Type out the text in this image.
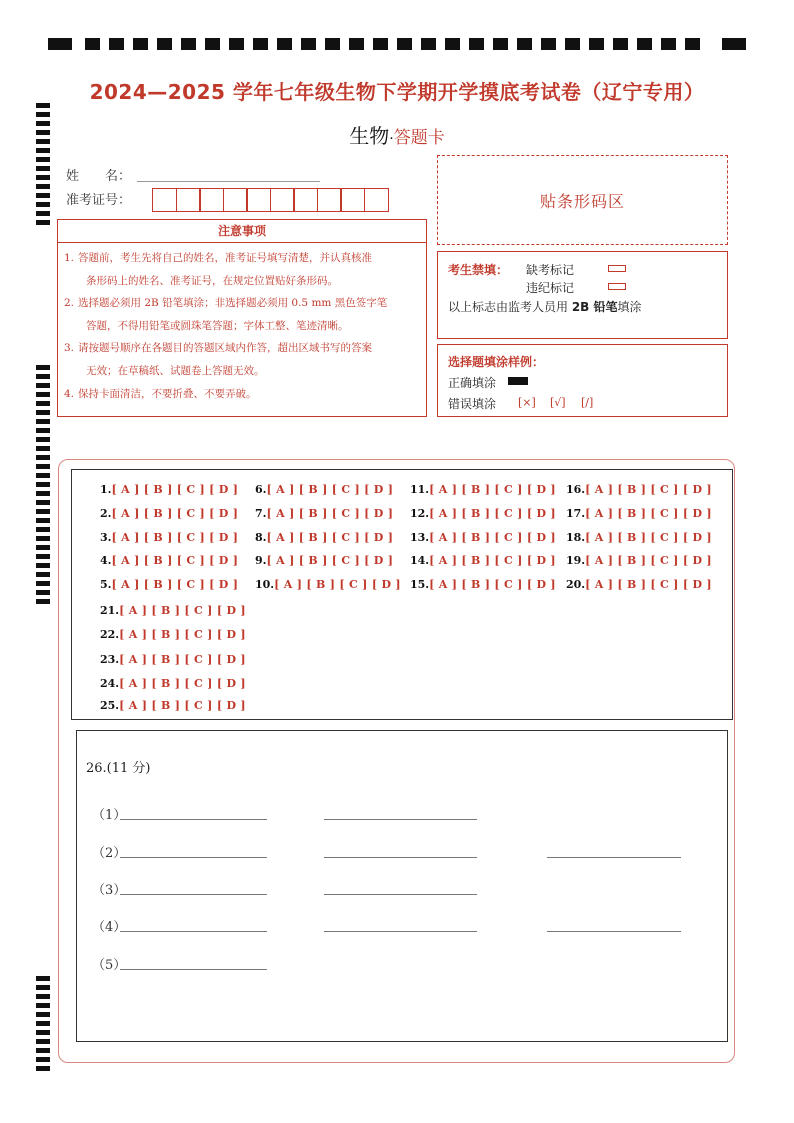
2024—2025 学年七年级生物下学期开学摸底考试卷（辽宁专用）
生物·答题卡
姓　　名：
准考证号：	贴条形码区
注意事项
1. 答题前，考生先将自己的姓名，准考证号填写清楚，并认真核准
条形码上的姓名、准考证号，在规定位置贴好条形码。
2. 选择题必须用 2B 铅笔填涂；非选择题必须用 0.5 mm 黑色签字笔
答题，不得用铅笔或圆珠笔答题；字体工整、笔迹清晰。
3. 请按题号顺序在各题目的答题区域内作答，超出区域书写的答案
无效；在草稿纸、试题卷上答题无效。
4. 保持卡面清洁，不要折叠、不要弄破。
考生禁填： 缺考标记
违纪标记
以上标志由监考人员用 2B 铅笔填涂
选择题填涂样例：
正确填涂
错误填涂 [×] [√] [/]
1.[ A ] [ B ] [ C ] [ D ]
2.[ A ] [ B ] [ C ] [ D ]
3.[ A ] [ B ] [ C ] [ D ]
4.[ A ] [ B ] [ C ] [ D ]
5.[ A ] [ B ] [ C ] [ D ]
6.[ A ] [ B ] [ C ] [ D ]
7.[ A ] [ B ] [ C ] [ D ]
8.[ A ] [ B ] [ C ] [ D ]
9.[ A ] [ B ] [ C ] [ D ]
10.[ A ] [ B ] [ C ] [ D ]
11.[ A ] [ B ] [ C ] [ D ]
12.[ A ] [ B ] [ C ] [ D ]
13.[ A ] [ B ] [ C ] [ D ]
14.[ A ] [ B ] [ C ] [ D ]
15.[ A ] [ B ] [ C ] [ D ]
16.[ A ] [ B ] [ C ] [ D ]
17.[ A ] [ B ] [ C ] [ D ]
18.[ A ] [ B ] [ C ] [ D ]
19.[ A ] [ B ] [ C ] [ D ]
20.[ A ] [ B ] [ C ] [ D ]
21.[ A ] [ B ] [ C ] [ D ]
22.[ A ] [ B ] [ C ] [ D ]
23.[ A ] [ B ] [ C ] [ D ]
24.[ A ] [ B ] [ C ] [ D ]
25.[ A ] [ B ] [ C ] [ D ]
26.(11 分)
（1）
（2）
（3）
（4）
（5）
